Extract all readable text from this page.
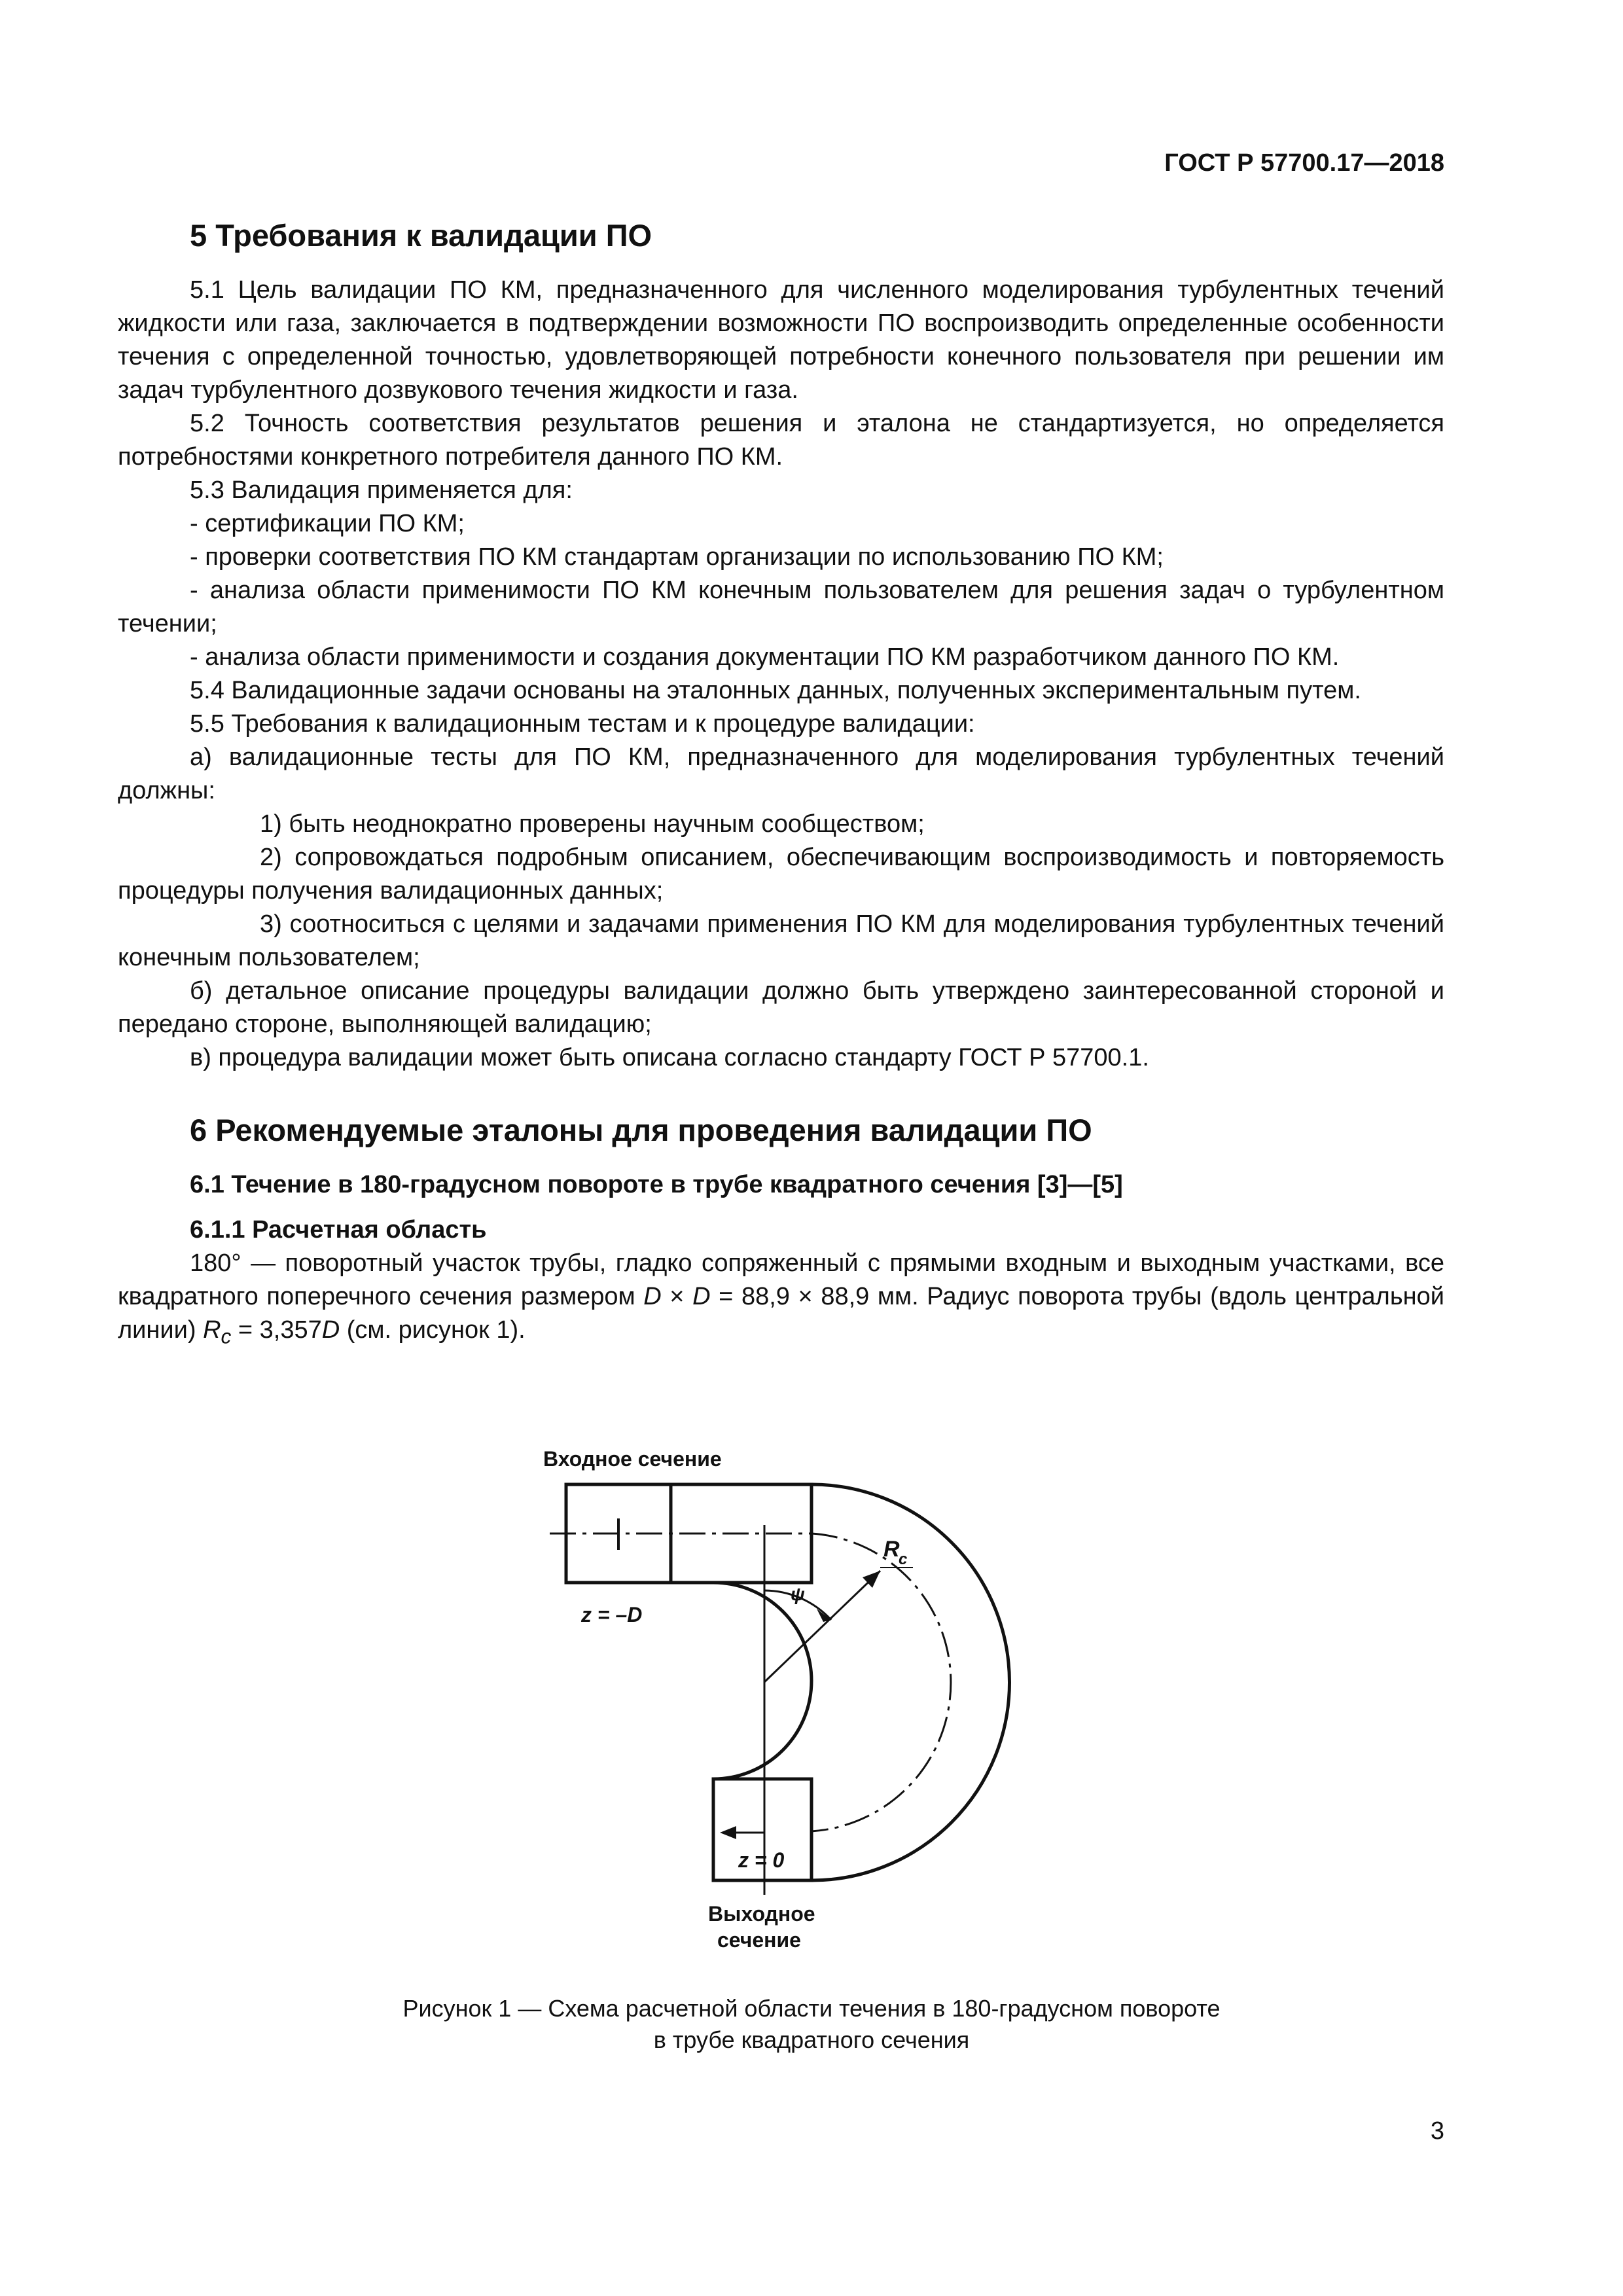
ГОСТ Р 57700.17—2018
5 Требования к валидации ПО

5.1 Цель валидации ПО КМ, предназначенного для численного моделирования турбулентных течений жидкости или газа, заключается в подтверждении возможности ПО воспроизводить определенные особенности течения с определенной точностью, удовлетворяющей потребности конечного пользователя при решении им задач турбулентного дозвукового течения жидкости и газа.

5.2 Точность соответствия результатов решения и эталона не стандартизуется, но определяется потребностями конкретного потребителя данного ПО КМ.

5.3 Валидация применяется для:

- сертификации ПО КМ;

- проверки соответствия ПО КМ стандартам организации по использованию ПО КМ;

- анализа области применимости ПО КМ конечным пользователем для решения задач о турбулентном течении;

- анализа области применимости и создания документации ПО КМ разработчиком данного ПО КМ.

5.4 Валидационные задачи основаны на эталонных данных, полученных экспериментальным путем.

5.5 Требования к валидационным тестам и к процедуре валидации:

а) валидационные тесты для ПО КМ, предназначенного для моделирования турбулентных течений должны:

1) быть неоднократно проверены научным сообществом;

2) сопровождаться подробным описанием, обеспечивающим воспроизводимость и повторяемость процедуры получения валидационных данных;

3) соотноситься с целями и задачами применения ПО КМ для моделирования турбулентных течений конечным пользователем;

б) детальное описание процедуры валидации должно быть утверждено заинтересованной стороной и передано стороне, выполняющей валидацию;

в) процедура валидации может быть описана согласно стандарту ГОСТ Р 57700.1.

6 Рекомендуемые эталоны для проведения валидации ПО
6.1 Течение в 180-градусном повороте в трубе квадратного сечения [3]—[5]
6.1.1 Расчетная область

180° — поворотный участок трубы, гладко сопряженный с прямыми входным и выходным участками, все квадратного поперечного сечения размером D × D = 88,9 × 88,9 мм. Радиус поворота трубы (вдоль центральной линии) $R_c = 3,357D$ (см. рисунок 1).

Входное сечение
z = –D
z = 0
ψ
R
c
Выходное
сечение
Рисунок 1 — Схема расчетной области течения в 180-градусном повороте
в трубе квадратного сечения
3
